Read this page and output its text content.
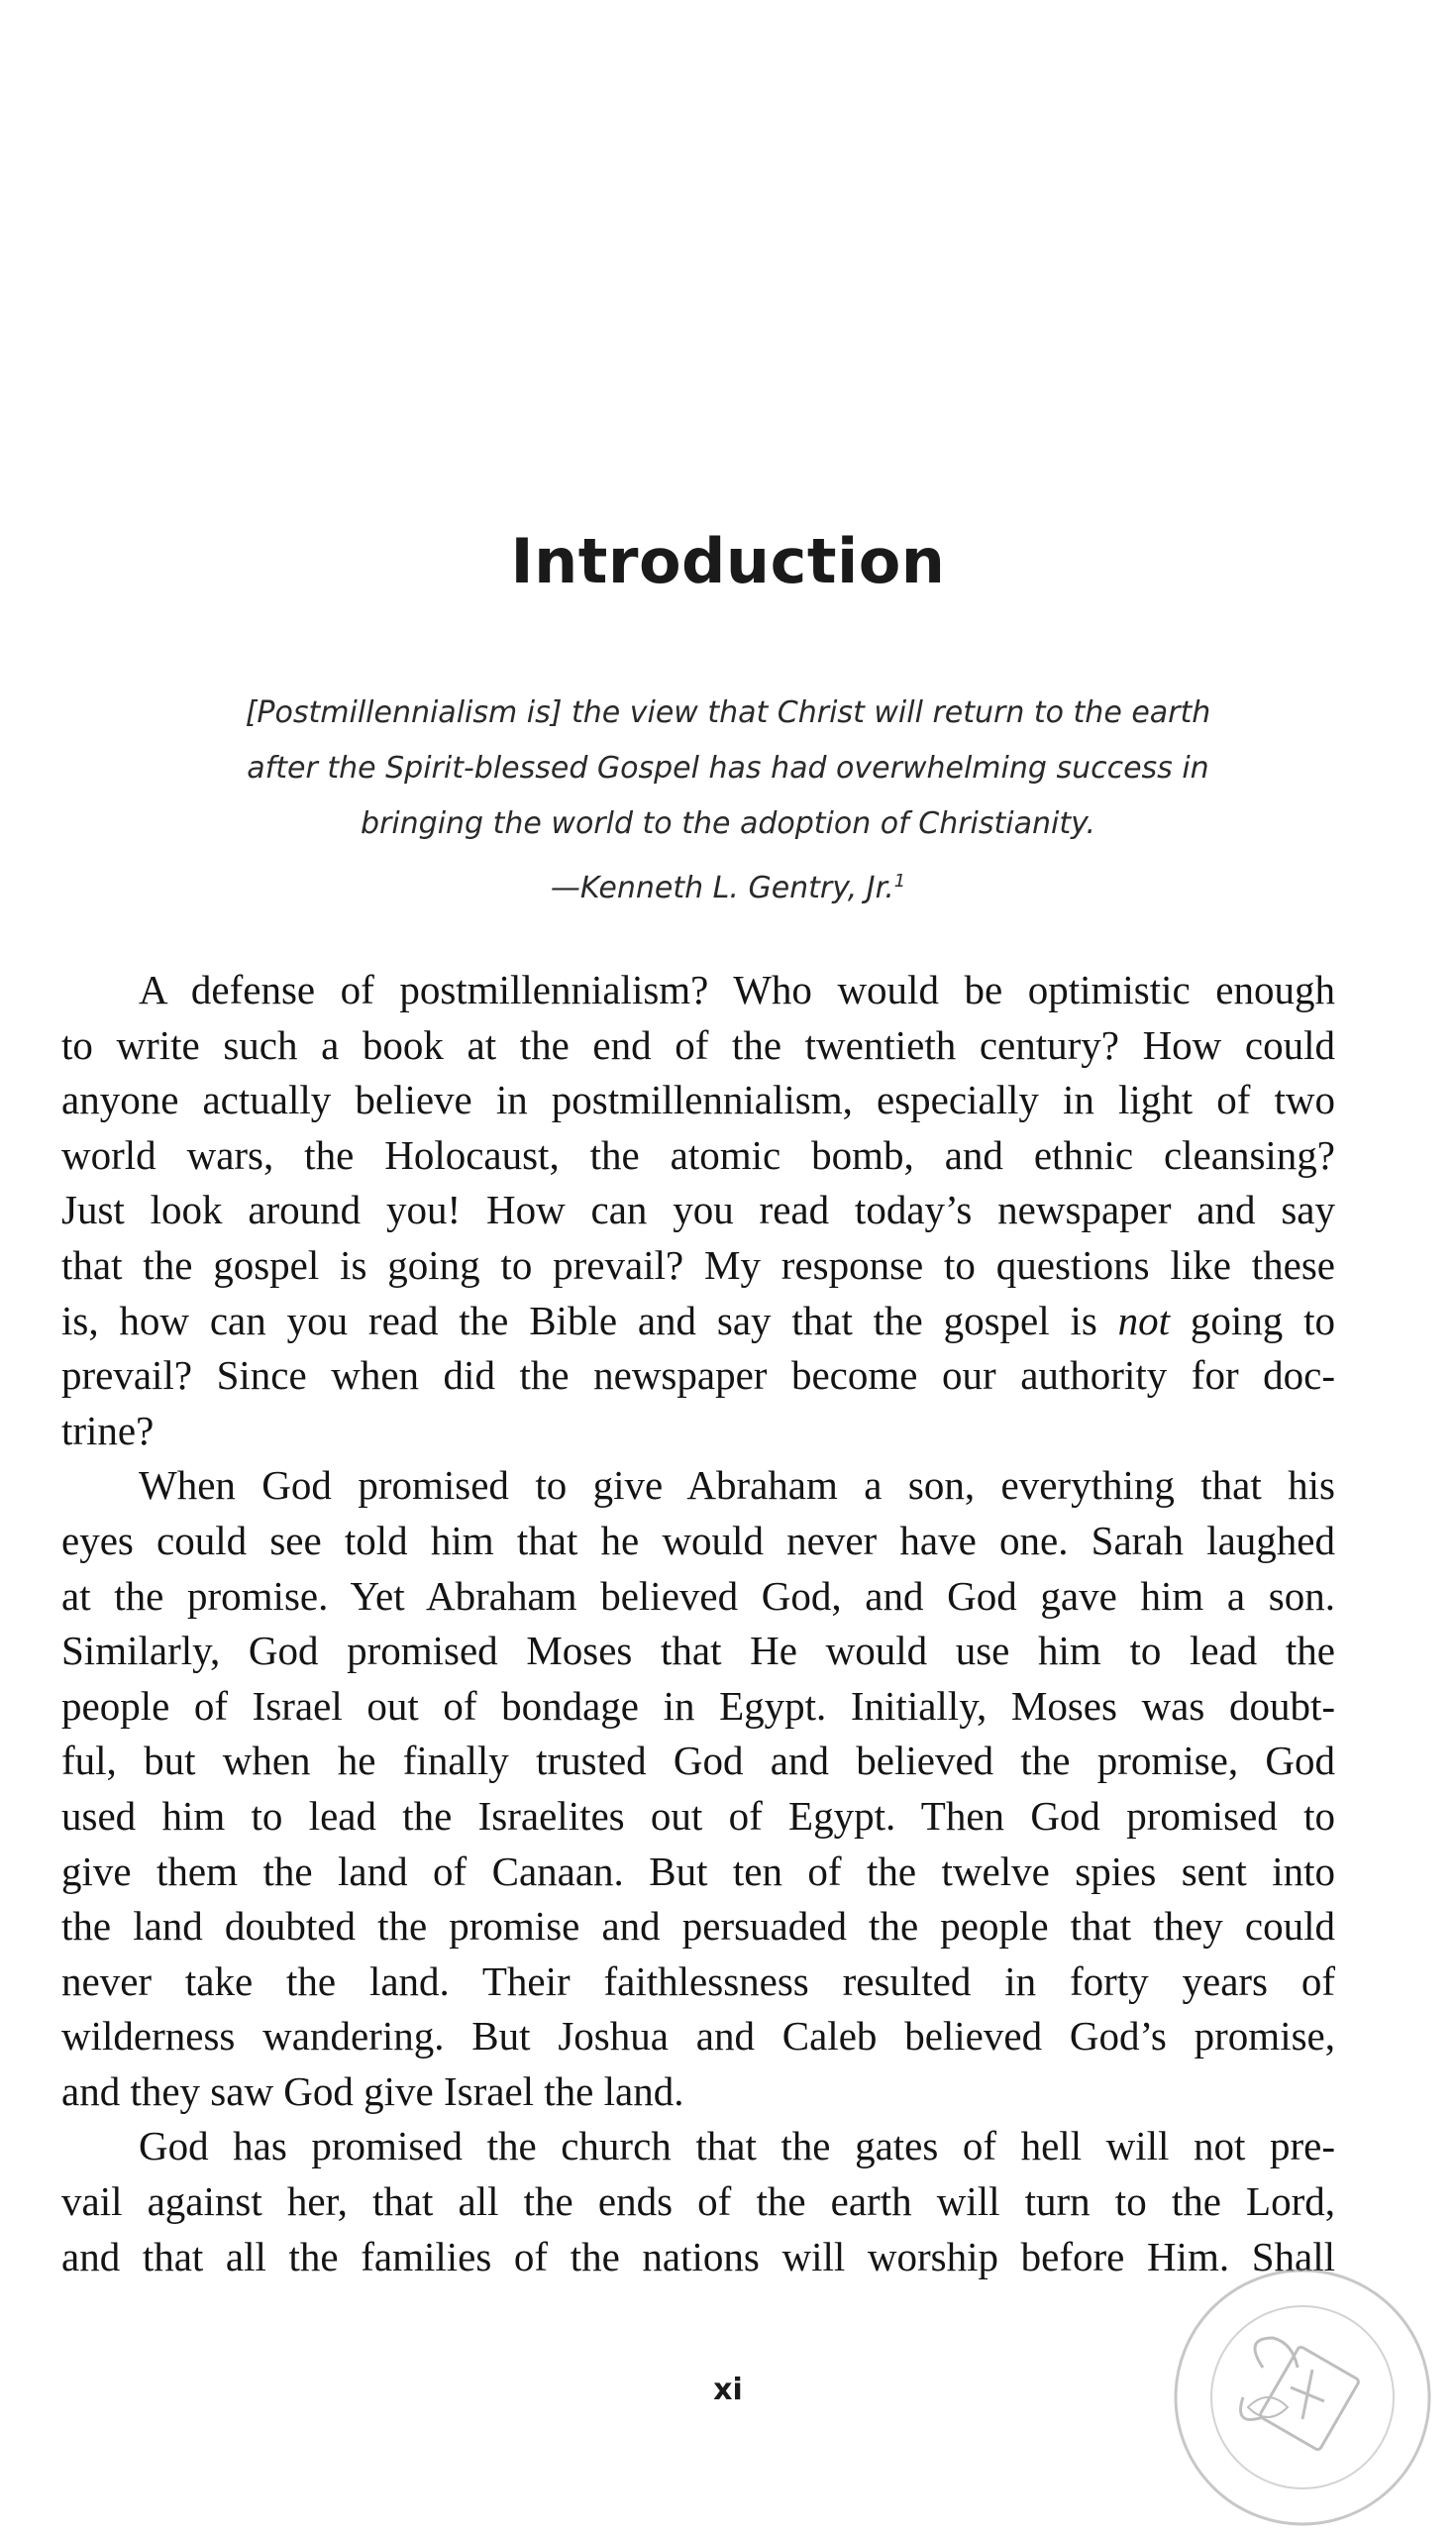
Introduction
[Postmillennialism is] the view that Christ will return to the earth
after the Spirit-blessed Gospel has had overwhelming success in
bringing the world to the adoption of Christianity.
—Kenneth L. Gentry, Jr.$^1$
A defense of postmillennialism? Who would be optimistic enough
to write such a book at the end of the twentieth century? How could
anyone actually believe in postmillennialism, especially in light of two
world wars, the Holocaust, the atomic bomb, and ethnic cleansing?
Just look around you! How can you read today’s newspaper and say
that the gospel is going to prevail? My response to questions like these
is, how can you read the Bible and say that the gospel is not going to
prevail? Since when did the newspaper become our authority for doc-
trine?
When God promised to give Abraham a son, everything that his
eyes could see told him that he would never have one. Sarah laughed
at the promise. Yet Abraham believed God, and God gave him a son.
Similarly, God promised Moses that He would use him to lead the
people of Israel out of bondage in Egypt. Initially, Moses was doubt-
ful, but when he finally trusted God and believed the promise, God
used him to lead the Israelites out of Egypt. Then God promised to
give them the land of Canaan. But ten of the twelve spies sent into
the land doubted the promise and persuaded the people that they could
never take the land. Their faithlessness resulted in forty years of
wilderness wandering. But Joshua and Caleb believed God’s promise,
and they saw God give Israel the land.
God has promised the church that the gates of hell will not pre-
vail against her, that all the ends of the earth will turn to the Lord,
and that all the families of the nations will worship before Him. Shall
xi
